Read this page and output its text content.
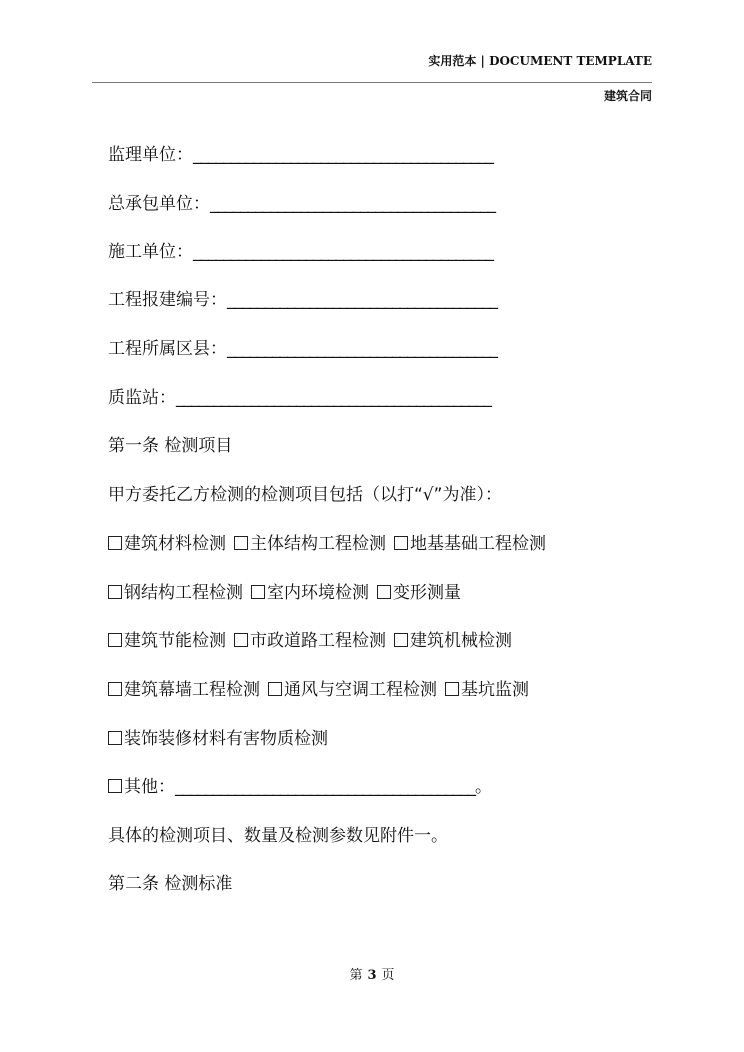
实用范本 | DOCUMENT TEMPLATE
建筑合同
监理单位：________________________________________
总承包单位：______________________________________
施工单位：________________________________________
工程报建编号：____________________________________
工程所属区县：____________________________________
质监站：__________________________________________
第一条 检测项目
甲方委托乙方检测的检测项目包括（以打“√”为准）：
建筑材料检测 主体结构工程检测 地基基础工程检测
钢结构工程检测 室内环境检测 变形测量
建筑节能检测 市政道路工程检测 建筑机械检测
建筑幕墙工程检测 通风与空调工程检测 基坑监测
装饰装修材料有害物质检测
其他：________________________________________。
具体的检测项目、数量及检测参数见附件一。
第二条 检测标准
第 3 页
